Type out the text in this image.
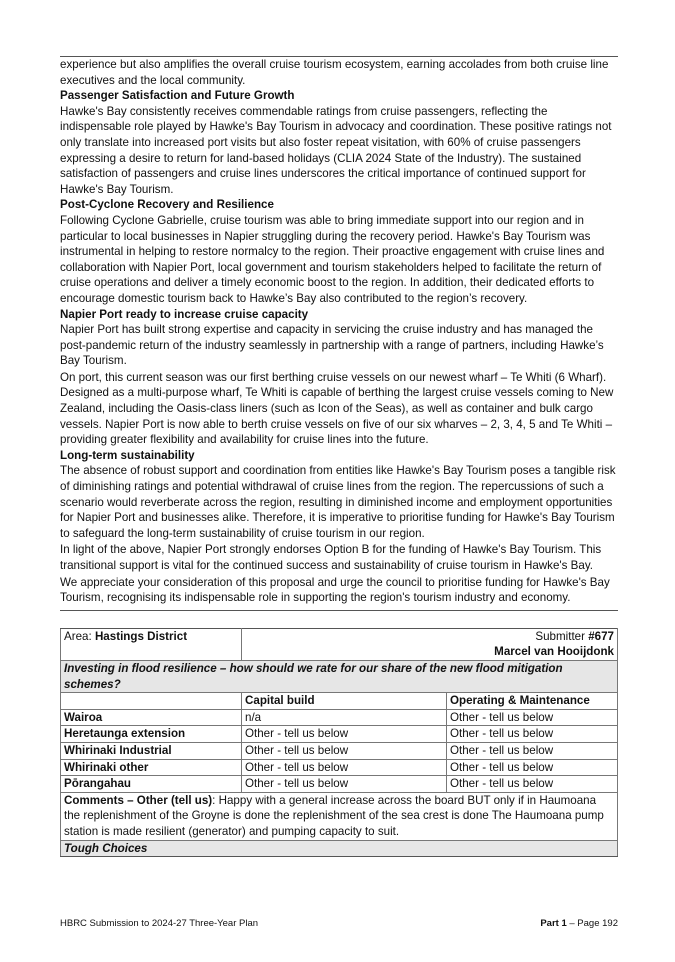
experience but also amplifies the overall cruise tourism ecosystem, earning accolades from both cruise line executives and the local community.

Passenger Satisfaction and Future Growth

Hawke's Bay consistently receives commendable ratings from cruise passengers, reflecting the indispensable role played by Hawke's Bay Tourism in advocacy and coordination. These positive ratings not only translate into increased port visits but also foster repeat visitation, with 60% of cruise passengers expressing a desire to return for land-based holidays (CLIA 2024 State of the Industry). The sustained satisfaction of passengers and cruise lines underscores the critical importance of continued support for Hawke's Bay Tourism.

Post-Cyclone Recovery and Resilience

Following Cyclone Gabrielle, cruise tourism was able to bring immediate support into our region and in particular to local businesses in Napier struggling during the recovery period. Hawke's Bay Tourism was instrumental in helping to restore normalcy to the region. Their proactive engagement with cruise lines and collaboration with Napier Port, local government and tourism stakeholders helped to facilitate the return of cruise operations and deliver a timely economic boost to the region. In addition, their dedicated efforts to encourage domestic tourism back to Hawke’s Bay also contributed to the region’s recovery.

Napier Port ready to increase cruise capacity

Napier Port has built strong expertise and capacity in servicing the cruise industry and has managed the post-pandemic return of the industry seamlessly in partnership with a range of partners, including Hawke’s Bay Tourism.

On port, this current season was our first berthing cruise vessels on our newest wharf – Te Whiti (6 Wharf). Designed as a multi-purpose wharf, Te Whiti is capable of berthing the largest cruise vessels coming to New Zealand, including the Oasis-class liners (such as Icon of the Seas), as well as container and bulk cargo vessels. Napier Port is now able to berth cruise vessels on five of our six wharves – 2, 3, 4, 5 and Te Whiti – providing greater flexibility and availability for cruise lines into the future.

Long-term sustainability

The absence of robust support and coordination from entities like Hawke's Bay Tourism poses a tangible risk of diminishing ratings and potential withdrawal of cruise lines from the region. The repercussions of such a scenario would reverberate across the region, resulting in diminished income and employment opportunities for Napier Port and businesses alike. Therefore, it is imperative to prioritise funding for Hawke's Bay Tourism to safeguard the long-term sustainability of cruise tourism in our region.

In light of the above, Napier Port strongly endorses Option B for the funding of Hawke's Bay Tourism. This transitional support is vital for the continued success and sustainability of cruise tourism in Hawke's Bay.

We appreciate your consideration of this proposal and urge the council to prioritise funding for Hawke's Bay Tourism, recognising its indispensable role in supporting the region's tourism industry and economy.

Area: Hastings District	Submitter #677
Marcel van Hooijdonk	

Investing in flood resilience – how should we rate for our share of the new flood mitigation schemes?		
	Capital build	Operating & Maintenance
Wairoa	n/a	Other - tell us below
Heretaunga extension	Other - tell us below	Other - tell us below
Whirinaki Industrial	Other - tell us below	Other - tell us below
Whirinaki other	Other - tell us below	Other - tell us below
Pōrangahau	Other - tell us below	Other - tell us below
Comments – Other (tell us): Happy with a general increase across the board BUT only if in Haumoana the replenishment of the Groyne is done the replenishment of the sea crest is done The Haumoana pump station is made resilient (generator) and pumping capacity to suit.		
Tough Choices		
HBRC Submission to 2024-27 Three-Year Plan	Part 1 – Page 192
